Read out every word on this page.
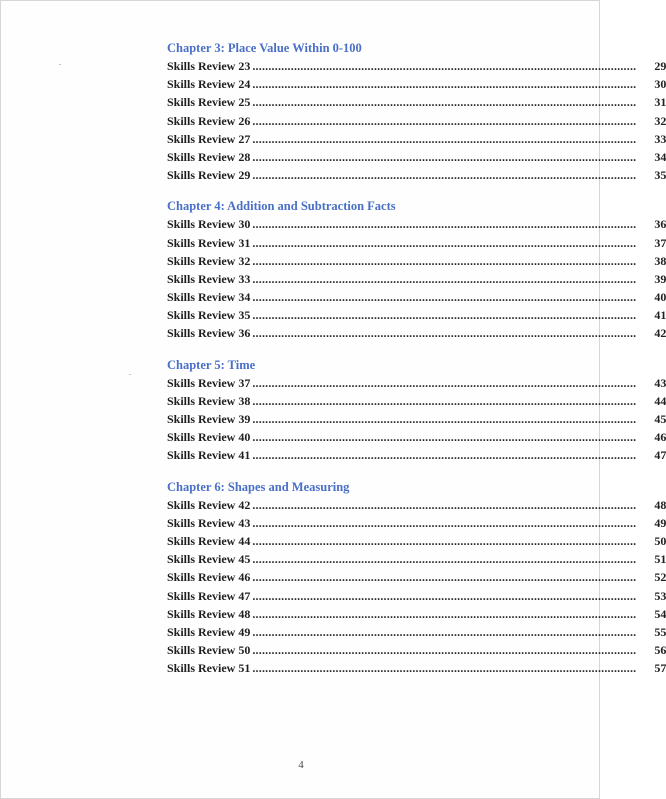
Chapter 3: Place Value Within 0-100
Skills Review 23 ........................................................................................................................	29
Skills Review 24 ........................................................................................................................	30
Skills Review 25 ........................................................................................................................	31
Skills Review 26 ........................................................................................................................	32
Skills Review 27 ........................................................................................................................	33
Skills Review 28 ........................................................................................................................	34
Skills Review 29 ........................................................................................................................	35
Chapter 4: Addition and Subtraction Facts
Skills Review 30 ........................................................................................................................	36
Skills Review 31 ........................................................................................................................	37
Skills Review 32 ........................................................................................................................	38
Skills Review 33 ........................................................................................................................	39
Skills Review 34 ........................................................................................................................	40
Skills Review 35 ........................................................................................................................	41
Skills Review 36 ........................................................................................................................	42
Chapter 5: Time
Skills Review 37 ........................................................................................................................	43
Skills Review 38 ........................................................................................................................	44
Skills Review 39 ........................................................................................................................	45
Skills Review 40 ........................................................................................................................	46
Skills Review 41 ........................................................................................................................	47
Chapter 6: Shapes and Measuring
Skills Review 42 ........................................................................................................................	48
Skills Review 43 ........................................................................................................................	49
Skills Review 44 ........................................................................................................................	50
Skills Review 45 ........................................................................................................................	51
Skills Review 46 ........................................................................................................................	52
Skills Review 47 ........................................................................................................................	53
Skills Review 48 ........................................................................................................................	54
Skills Review 49 ........................................................................................................................	55
Skills Review 50 ........................................................................................................................	56
Skills Review 51 ........................................................................................................................	57
4
